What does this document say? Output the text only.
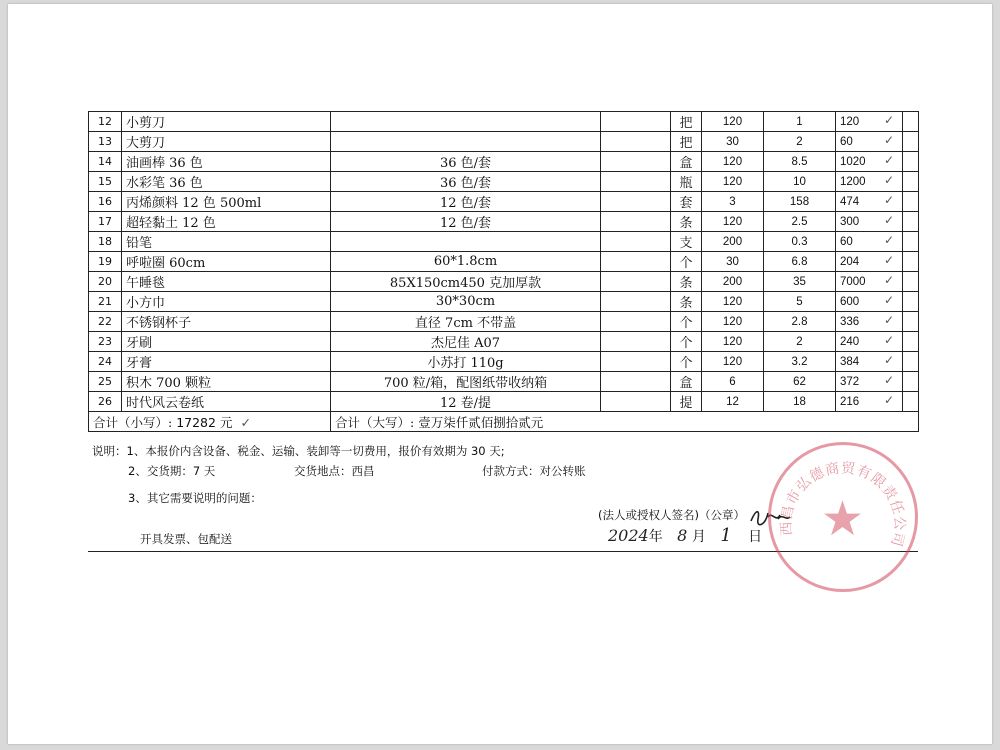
12	小剪刀			把	120	1	120 ✓	

13	大剪刀			把	30	2	60 ✓	

14	油画棒 36 色	36 色/套		盒	120	8.5	1020 ✓	

15	水彩笔 36 色	36 色/套		瓶	120	10	1200 ✓	

16	丙烯颜料 12 色 500ml	12 色/套		套	3	158	474 ✓	

17	超轻黏土 12 色	12 色/套		条	120	2.5	300 ✓	

18	铅笔			支	200	0.3	60 ✓	

19	呼啦圈 60cm	60*1.8cm		个	30	6.8	204 ✓	

20	午睡毯	85X150cm450 克加厚款		条	200	35	7000 ✓	

21	小方巾	30*30cm		条	120	5	600 ✓	

22	不锈钢杯子	直径 7cm 不带盖		个	120	2.8	336 ✓	

23	牙刷	杰尼佳 A07		个	120	2	240 ✓	

24	牙膏	小苏打 110g		个	120	3.2	384 ✓	

25	积木 700 颗粒	700 粒/箱，配图纸带收纳箱		盒	6	62	372 ✓	

26	时代风云卷纸	12 卷/提		提	12	18	216 ✓	

合计（小写）: 17282 元 ✓		合计（大写）: 壹万柒仟贰佰捌拾贰元						
说明：1、本报价内含设备、税金、运输、装卸等一切费用，报价有效期为 30 天;
2、交货期：7 天	交货地点：西昌	付款方式：对公转账
3、其它需要说明的问题：
(法人或授权人签名)（公章）
开具发票、包配送	2024年 8 月 1 日 ★
西昌市弘德商贸有限责任公司
